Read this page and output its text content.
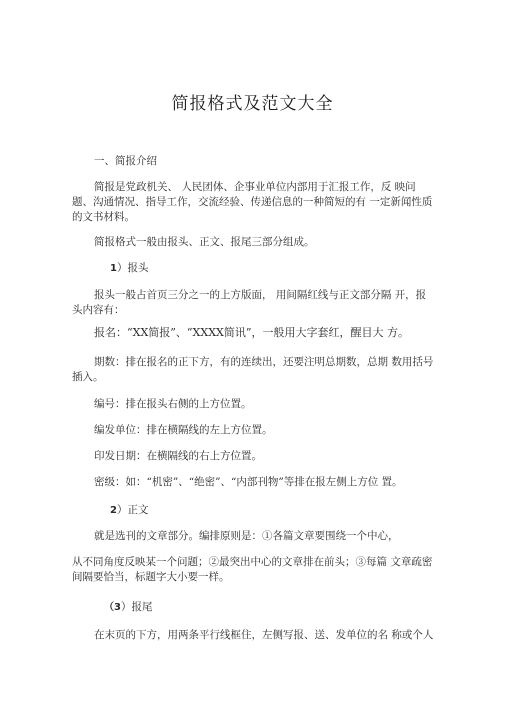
简报格式及范文大全
一、简报介绍
简报是党政机关、 人民团体、企事业单位内部用于汇报工作，反 映问题、沟通情况、指导工作，交流经验、传递信息的一种简短的有 一定新闻性质的文书材料。
简报格式一般由报头、正文、报尾三部分组成。
1）报头
报头一般占首页三分之一的上方版面， 用间隔红线与正文部分隔 开，报头内容有：
报名：“XX简报”、“XXXX简讯”，一般用大字套红，醒目大 方。
期数：排在报名的正下方，有的连续出，还要注明总期数，总期 数用括号插入。
编号：排在报头右侧的上方位置。
编发单位：排在横隔线的左上方位置。
印发日期：在横隔线的右上方位置。
密级：如：“机密”、“绝密”、“内部刊物”等排在报左侧上方位 置。
2）正文
就是选刊的文章部分。编排原则是：①各篇文章要围绕一个中心，
从不同角度反映某一个问题；②最突出中心的文章排在前头；③每篇 文章疏密间隔要恰当，标题字大小要一样。
（3）报尾
在末页的下方，用两条平行线框住，左侧写报、送、发单位的名 称或个人
